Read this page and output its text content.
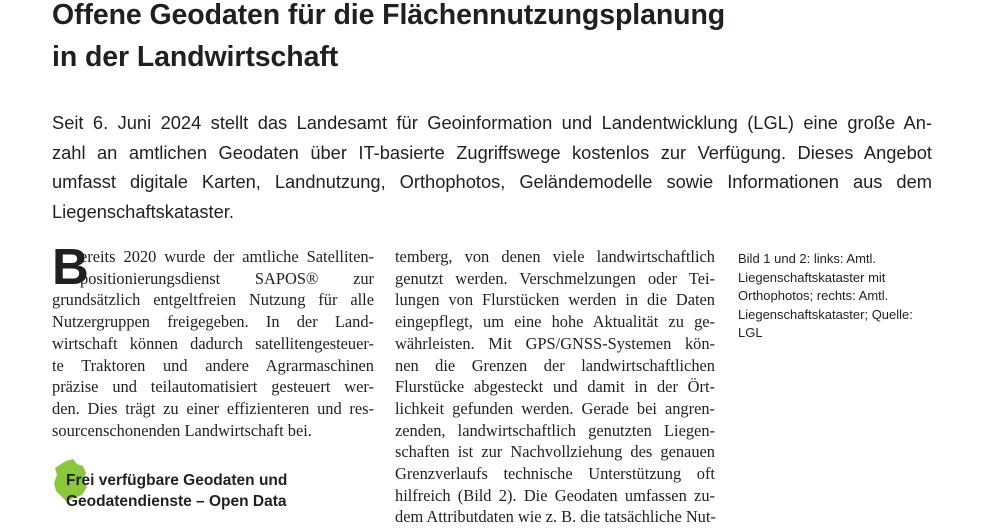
Offene Geodaten für die Flächennutzungsplanung
in der Landwirtschaft
Seit 6. Juni 2024 stellt das Landesamt für Geoinformation und Landentwicklung (LGL) eine große An-
zahl an amtlichen Geodaten über IT-basierte Zugriffswege kostenlos zur Verfügung. Dieses Angebot
umfasst digitale Karten, Landnutzung, Orthophotos, Geländemodelle sowie Informationen aus dem
Liegenschaftskataster.
B
ereits 2020 wurde der amtliche Satelliten-
positionierungsdienst SAPOS® zur
grundsätzlich entgeltfreien Nutzung für alle
Nutzergruppen freigegeben. In der Land-
wirtschaft können dadurch satellitengesteuer-
te Traktoren und andere Agrarmaschinen
präzise und teilautomatisiert gesteuert wer-
den. Dies trägt zu einer effizienteren und res-
sourcenschonenden Landwirtschaft bei.
temberg, von denen viele landwirtschaftlich
genutzt werden. Verschmelzungen oder Tei-
lungen von Flurstücken werden in die Daten
eingepflegt, um eine hohe Aktualität zu ge-
währleisten. Mit GPS/GNSS-Systemen kön-
nen die Grenzen der landwirtschaftlichen
Flurstücke abgesteckt und damit in der Ört-
lichkeit gefunden werden. Gerade bei angren-
zenden, landwirtschaftlich genutzten Liegen-
schaften ist zur Nachvollziehung des genauen
Grenzverlaufs technische Unterstützung oft
hilfreich (Bild 2). Die Geodaten umfassen zu-
dem Attributdaten wie z. B. die tatsächliche Nut-
Bild 1 und 2: links: Amtl.
Liegenschaftskataster mit
Orthophotos; rechts: Amtl.
Liegenschaftskataster; Quelle:
LGL
Frei verfügbare Geodaten und
Geodatendienste – Open Data
